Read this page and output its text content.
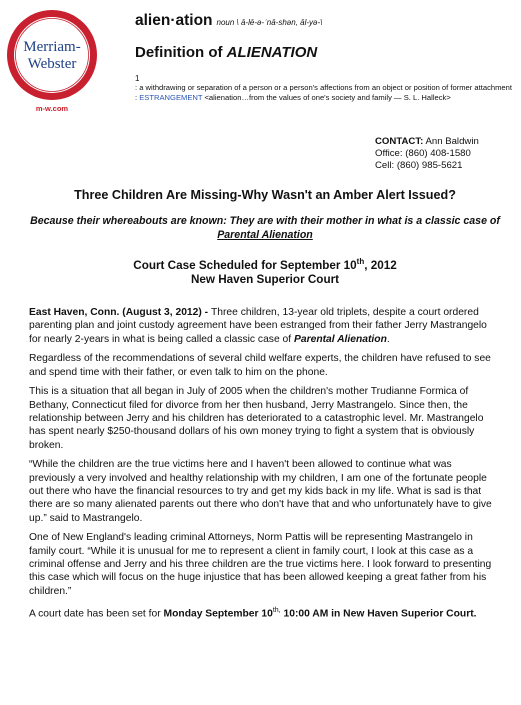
Merriam-
Webster
m-w.com
alien·ation noun \ ā-lē-ə-ˈnā-shən, āl-yə-\
Definition of ALIENATION
1
: a withdrawing or separation of a person or a person's affections from an object or position of former attachment : ESTRANGEMENT <alienation…from the values of one's society and family — S. L. Halleck>
CONTACT: Ann Baldwin
Office: (860) 408-1580
Cell: (860) 985-5621
Three Children Are Missing-Why Wasn't an Amber Alert Issued?
Because their whereabouts are known: They are with their mother in what is a classic case of Parental Alienation
Court Case Scheduled for September 10th, 2012
New Haven Superior Court

East Haven, Conn. (August 3, 2012) - Three children, 13-year old triplets, despite a court ordered parenting plan and joint custody agreement have been estranged from their father Jerry Mastrangelo for nearly 2-years in what is being called a classic case of Parental Alienation.

Regardless of the recommendations of several child welfare experts, the children have refused to see and spend time with their father, or even talk to him on the phone.

This is a situation that all began in July of 2005 when the children's mother Trudianne Formica of Bethany, Connecticut filed for divorce from her then husband, Jerry Mastrangelo. Since then, the relationship between Jerry and his children has deteriorated to a catastrophic level. Mr. Mastrangelo has spent nearly $250-thousand dollars of his own money trying to fight a system that is obviously broken.

“While the children are the true victims here and I haven't been allowed to continue what was previously a very involved and healthy relationship with my children, I am one of the fortunate people out there who have the financial resources to try and get my kids back in my life. What is sad is that there are so many alienated parents out there who don't have that and who unfortunately have to give up.” said to Mastrangelo.

One of New England's leading criminal Attorneys, Norm Pattis will be representing Mastrangelo in family court. “While it is unusual for me to represent a client in family court, I look at this case as a criminal offense and Jerry and his three children are the true victims here. I look forward to presenting this case which will focus on the huge injustice that has been allowed keeping a great father from his children.”

A court date has been set for Monday September $10^{th,}$ 10:00 AM in New Haven Superior Court.
